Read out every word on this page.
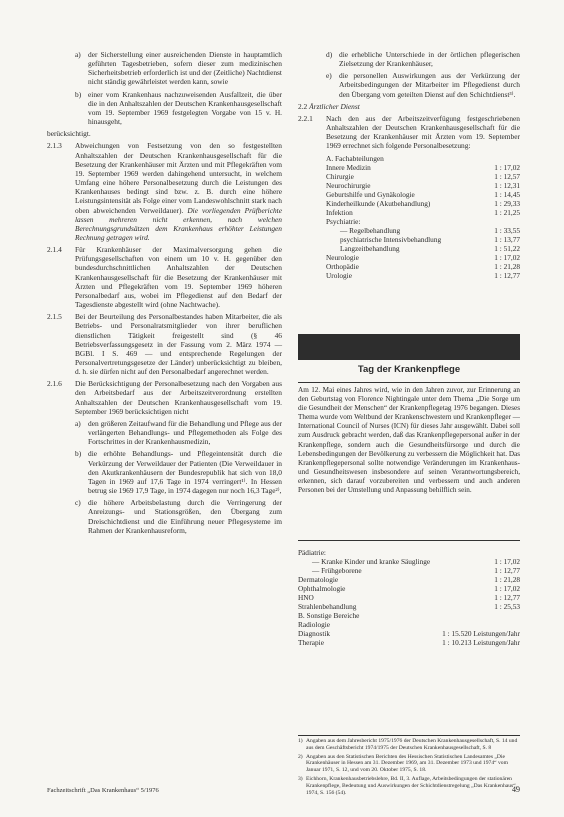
a) der Sicherstellung einer ausreichenden Dienste in hauptamtlich geführten Tagesbetrieben, sofern dieser zum medizinischen Sicherheitsbetrieb erforderlich ist und der (Zeitliche) Nachtdienst nicht ständig gewährleistet werden kann, sowie
b) einer vom Krankenhaus nachzuweisenden Ausfallzeit, die über die in den Anhaltszahlen der Deutschen Krankenhausgesellschaft vom 19. September 1969 festgelegten Vorgabe von 15 v. H. hinausgeht,
berücksichtigt.
2.1.3	Abweichungen von Festsetzung von den so festgestellten Anhaltszahlen der Deutschen Krankenhausgesellschaft für die Besetzung der Krankenhäuser mit Ärzten und mit Pflegekräften vom 19. September 1969 werden dahingehend untersucht, in welchem Umfang eine höhere Personalbesetzung durch die Leistungen des Krankenhauses bedingt sind bzw. z. B. durch eine höhere Leistungsintensität als Folge einer vom Landeswohlschnitt stark nach oben abweichenden Verweildauer). Die vorliegenden Prüfberichte lassen mehreren nicht erkennen, nach welchen Berechnungsgrundsätzen dem Krankenhaus erhöhter Leistungen Rechnung getragen wird.
2.1.4	Für Krankenhäuser der Maximalversorgung gehen die Prüfungsgesellschaften von einem um 10 v. H. gegenüber den bundesdurchschnittlichen Anhaltszahlen der Deutschen Krankenhausgesellschaft für die Besetzung der Krankenhäuser mit Ärzten und Pflegekräften vom 19. September 1969 höheren Personalbedarf aus, wobei im Pflegedienst auf den Bedarf der Tagesdienste abgestellt wird (ohne Nachtwache).
2.1.5	Bei der Beurteilung des Personalbestandes haben Mitarbeiter, die als Betriebs- und Personalratsmitglieder von ihrer beruflichen dienstlichen Tätigkeit freigestellt sind (§ 46 Betriebsverfassungsgesetz in der Fassung vom 2. März 1974 — BGBl. I S. 469 — und entsprechende Regelungen der Personalvertretungsgesetze der Länder) unberücksichtigt zu bleiben, d. h. sie dürfen nicht auf den Personalbedarf angerechnet werden.
2.1.6	Die Berücksichtigung der Personalbesetzung nach den Vorgaben aus den Arbeitsbedarf aus der Arbeitszeitverordnung erstellten Anhaltszahlen der Deutschen Krankenhausgesellschaft vom 19. September 1969 berücksichtigen nicht
a) den größeren Zeitaufwand für die Behandlung und Pflege aus der verlängerten Behandlungs- und Pflegemethoden als Folge des Fortschrittes in der Krankenhausmedizin,
b) die erhöhte Behandlungs- und Pflegeintensität durch die Verkürzung der Verweildauer der Patienten (Die Verweildauer in den Akutkrankenhäusern der Bundesrepublik hat sich von 18,0 Tagen in 1969 auf 17,6 Tage in 1974 verringert¹⁾. In Hessen betrug sie 1969 17,9 Tage, in 1974 dagegen nur noch 16,3 Tage²⁾,
c) die höhere Arbeitsbelastung durch die Verringerung der Anreizungs- und Stationsgrößen, den Übergang zum Dreischichtdienst und die Einführung neuer Pflegesysteme im Rahmen der Krankenhausreform,
d) die erhebliche Unterschiede in der örtlichen pflegerischen Zielsetzung der Krankenhäuser,
e) die personellen Auswirkungen aus der Verkürzung der Arbeitsbedingungen der Mitarbeiter im Pflegedienst durch den Übergang vom geteilten Dienst auf den Schichtdienst³⁾.
2.2 Ärztlicher Dienst
2.2.1	Nach den aus der Arbeitszeitverfügung festgeschriebenen Anhaltszahlen der Deutschen Krankenhausgesellschaft für die Besetzung der Krankenhäuser mit Ärzten vom 19. September 1969 errechnet sich folgende Personalbesetzung:
A. Fachabteilungen
Innere Medizin	1 : 17,02
Chirurgie	1 : 12,57
Neurochirurgie	1 : 12,31
Geburtshilfe und Gynäkologie	1 : 14,45
Kinderheilkunde (Akutbehandlung)	1 : 29,33
Infektion	1 : 21,25
Psychiatrie:	
— Regelbehandlung	1 : 33,55
psychiatrische Intensivbehandlung	1 : 13,77
Langzeitbehandlung	1 : 51,22
Neurologie	1 : 17,02
Orthopädie	1 : 21,28
Urologie	1 : 12,77
Tag der Krankenpflege
Am 12. Mai eines Jahres wird, wie in den Jahren zuvor, zur Erinnerung an den Geburtstag von Florence Nightingale unter dem Thema „Die Sorge um die Gesundheit der Menschen“ der Krankenpflegetag 1976 begangen. Dieses Thema wurde vom Weltbund der Krankenschwestern und Krankenpfleger — International Council of Nurses (ICN) für dieses Jahr ausgewählt. Dabei soll zum Ausdruck gebracht werden, daß das Krankenpflegepersonal außer in der Krankenpflege, sondern auch die Gesundheitsfürsorge und durch die Lebensbedingungen der Bevölkerung zu verbessern die Möglichkeit hat. Das Krankenpflegepersonal sollte notwendige Veränderungen im Krankenhaus- und Gesundheitswesen insbesondere auf seinen Verantwortungsbereich, erkennen, sich darauf vorzubereiten und verbessern und auch anderen Personen bei der Umstellung und Anpassung behilflich sein.
Pädiatrie:
— Kranke Kinder und kranke Säuglinge	1 : 17,02
— Frühgeborene	1 : 12,77
Dermatologie	1 : 21,28
Ophthalmologie	1 : 17,02
HNO	1 : 12,77
Strahlenbehandlung	1 : 25,53
B. Sonstige Bereiche
Radiologie
Diagnostik	1 : 15.520 Leistungen/Jahr
Therapie	1 : 10.213 Leistungen/Jahr

1) Angaben aus dem Jahresbericht 1975/1976 der Deutschen Krankenhausgesellschaft, S. 14 und aus dem Geschäftsbericht 1974/1975 der Deutschen Krankenhausgesellschaft, S. 8

2) Angaben aus den Statistischen Berichten des Hessischen Statistischen Landesamtes „Die Krankenhäuser in Hessen am 31. Dezember 1969, am 31. Dezember 1973 und 1974“ vom Januar 1971, S. 12, und vom 20. Oktober 1975, S. 18.

3) Eichhorn, Krankenhausbetriebslehre, Bd. II, 3. Auflage, Arbeitsbedingungen der stationären Krankenpflege, Bedeutung und Auswirkungen der Schichtdienstregelung „Das Krankenhaus“, 1974, S. 156 (54).

Fachzeitschrift „Das Krankenhaus“ 5/1976	49
